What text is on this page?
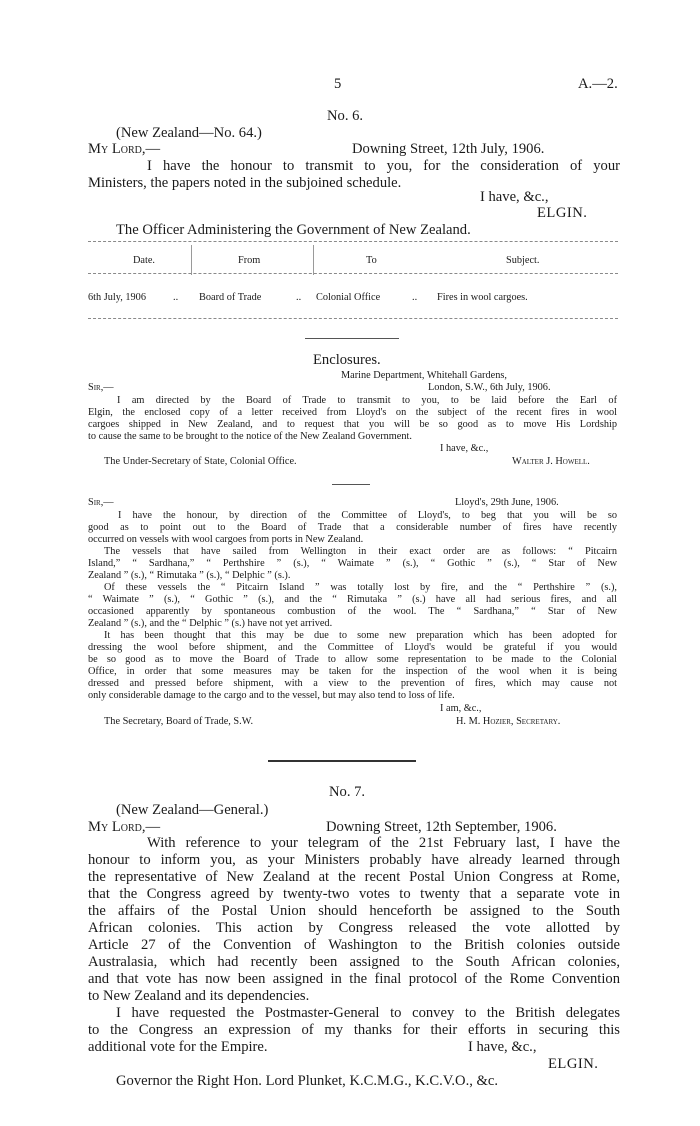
5	A.—2.
No. 6.
(New Zealand—No. 64.)
My Lord,—	Downing Street, 12th July, 1906.
I have the honour to transmit to you, for the consideration of your
Ministers, the papers noted in the subjoined schedule.
I have, &c.,
ELGIN.
The Officer Administering the Government of New Zealand.
Date.	From	To	Subject.
6th July, 1906	.. Board of Trade	.. Colonial Office	.. Fires in wool cargoes.
Enclosures.
Marine Department, Whitehall Gardens,
Sir,—	London, S.W., 6th July, 1906.
I am directed by the Board of Trade to transmit to you, to be laid before the Earl of
Elgin, the enclosed copy of a letter received from Lloyd's on the subject of the recent fires in wool
cargoes shipped in New Zealand, and to request that you will be so good as to move His Lordship
to cause the same to be brought to the notice of the New Zealand Government.
I have, &c.,
The Under-Secretary of State, Colonial Office.	Walter J. Howell.
Sir,—	Lloyd's, 29th June, 1906.
I have the honour, by direction of the Committee of Lloyd's, to beg that you will be so
good as to point out to the Board of Trade that a considerable number of fires have recently
occurred on vessels with wool cargoes from ports in New Zealand.
The vessels that have sailed from Wellington in their exact order are as follows: “ Pitcairn
Island,” “ Sardhana,” “ Perthshire ” (s.), “ Waimate ” (s.), “ Gothic ” (s.), “ Star of New
Zealand ” (s.), “ Rimutaka ” (s.), “ Delphic ” (s.).
Of these vessels the “ Pitcairn Island ” was totally lost by fire, and the “ Perthshire ” (s.),
“ Waimate ” (s.), “ Gothic ” (s.), and the “ Rimutaka ” (s.) have all had serious fires, and all
occasioned apparently by spontaneous combustion of the wool. The “ Sardhana,” “ Star of New
Zealand ” (s.), and the “ Delphic ” (s.) have not yet arrived.
It has been thought that this may be due to some new preparation which has been adopted for
dressing the wool before shipment, and the Committee of Lloyd's would be grateful if you would
be so good as to move the Board of Trade to allow some representation to be made to the Colonial
Office, in order that some measures may be taken for the inspection of the wool when it is being
dressed and pressed before shipment, with a view to the prevention of fires, which may cause not
only considerable damage to the cargo and to the vessel, but may also tend to loss of life.
I am, &c.,
The Secretary, Board of Trade, S.W.	H. M. Hozier, Secretary.
No. 7.
(New Zealand—General.)
My Lord,—	Downing Street, 12th September, 1906.
With reference to your telegram of the 21st February last, I have the
honour to inform you, as your Ministers probably have already learned through
the representative of New Zealand at the recent Postal Union Congress at Rome,
that the Congress agreed by twenty-two votes to twenty that a separate vote in
the affairs of the Postal Union should henceforth be assigned to the South
African colonies. This action by Congress released the vote allotted by
Article 27 of the Convention of Washington to the British colonies outside
Australasia, which had recently been assigned to the South African colonies,
and that vote has now been assigned in the final protocol of the Rome Convention
to New Zealand and its dependencies.
I have requested the Postmaster-General to convey to the British delegates
to the Congress an expression of my thanks for their efforts in securing this
additional vote for the Empire.	I have, &c.,
ELGIN.
Governor the Right Hon. Lord Plunket, K.C.M.G., K.C.V.O., &c.
